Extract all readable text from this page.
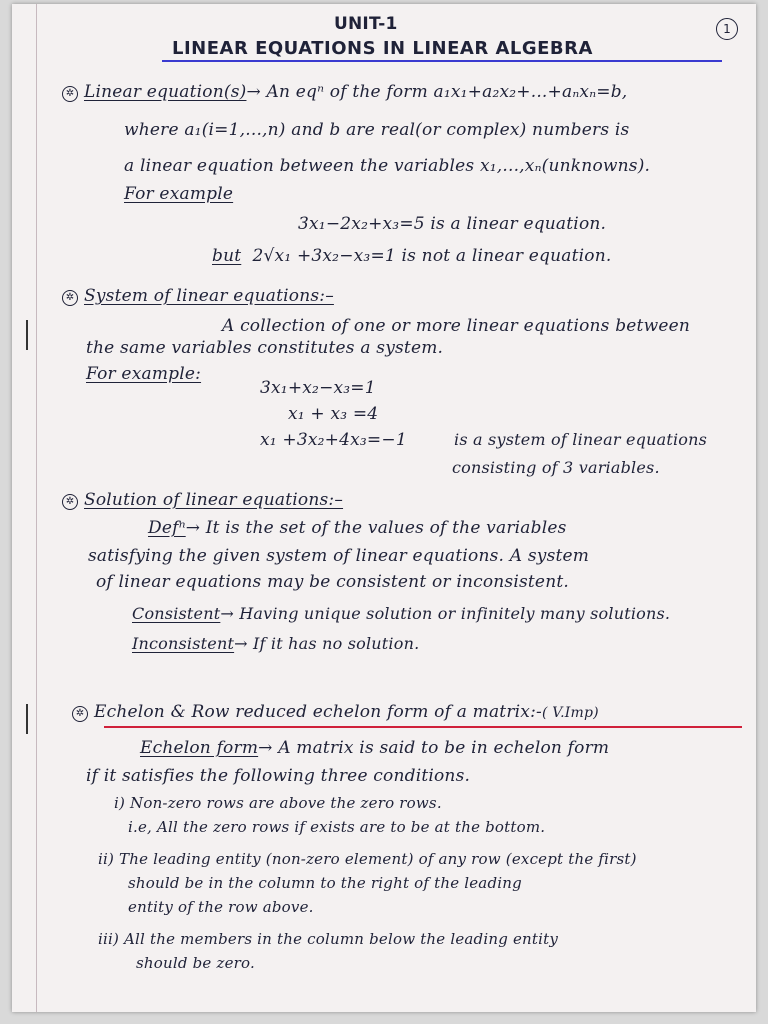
1
UNIT-1
LINEAR EQUATIONS IN LINEAR ALGEBRA
✲ Linear equation(s)→ An eqⁿ of the form a₁x₁+a₂x₂+...+aₙxₙ=b,
where a₁(i=1,...,n) and b are real(or complex) numbers is
a linear equation between the variables x₁,...,xₙ(unknowns).
For example
3x₁−2x₂+x₃=5 is a linear equation.
but 2√x₁ +3x₂−x₃=1 is not a linear equation.
✲ System of linear equations:–
A collection of one or more linear equations between
the same variables constitutes a system.
For example:
3x₁+x₂−x₃=1
x₁ + x₃ =4
x₁ +3x₂+4x₃=−1	is a system of linear equations
consisting of 3 variables.
✲ Solution of linear equations:–
Defⁿ→ It is the set of the values of the variables
satisfying the given system of linear equations. A system
of linear equations may be consistent or inconsistent.
Consistent→ Having unique solution or infinitely many solutions.
Inconsistent→ If it has no solution.
✲ Echelon & Row reduced echelon form of a matrix:-( V.Imp)
Echelon form→ A matrix is said to be in echelon form
if it satisfies the following three conditions.
i) Non-zero rows are above the zero rows.
i.e, All the zero rows if exists are to be at the bottom.
ii) The leading entity (non-zero element) of any row (except the first)
should be in the column to the right of the leading
entity of the row above.
iii) All the members in the column below the leading entity
should be zero.
